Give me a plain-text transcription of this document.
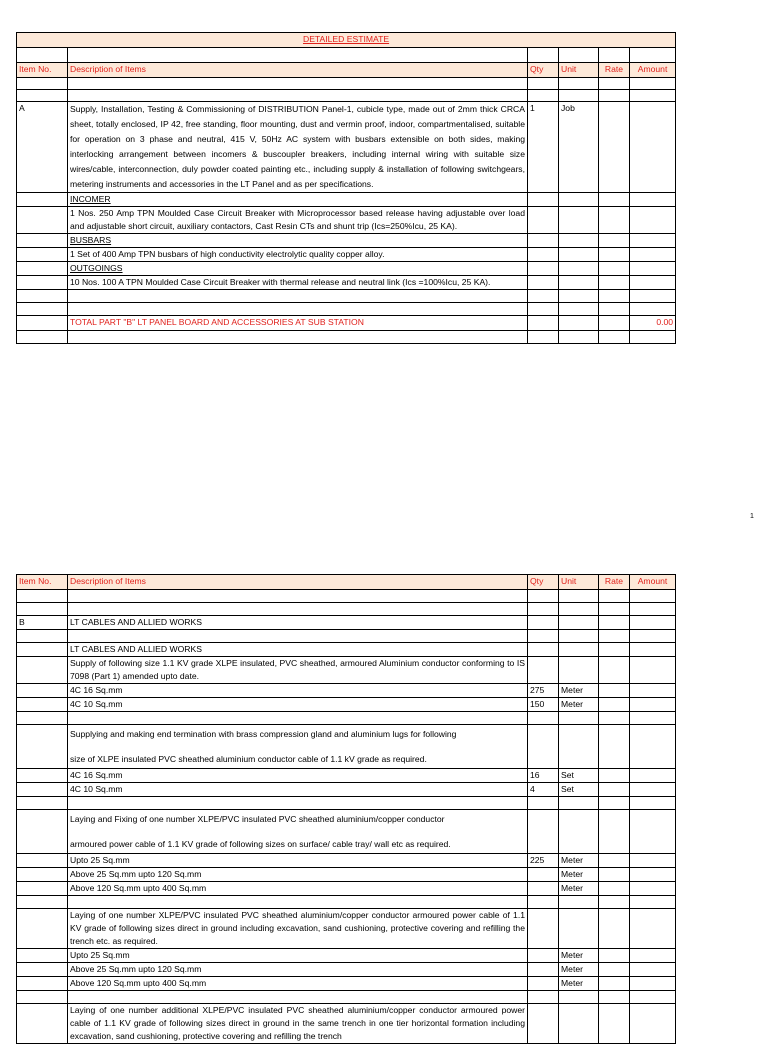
DETAILED ESTIMATE					

Item No.	Description of Items	Qty	Unit	Rate	Amount

A	Supply, Installation, Testing & Commissioning of DISTRIBUTION Panel-1, cubicle type, made out of 2mm thick CRCA sheet, totally enclosed, IP 42, free standing, floor mounting, dust and vermin proof, indoor, compartmentalised, suitable for operation on 3 phase and neutral, 415 V, 50Hz AC system with busbars extensible on both sides, making interlocking arrangement between incomers & buscoupler breakers, including internal wiring with suitable size wires/cable, interconnection, duly powder coated painting etc., including supply & installation of following switchgears, metering instruments and accessories in the LT Panel and as per specifications.	1	Job		
	INCOMER				
	1 Nos. 250 Amp TPN Moulded Case Circuit Breaker with Microprocessor based release having adjustable over load and adjustable short circuit, auxiliary contactors, Cast Resin CTs and shunt trip (Ics=250%Icu, 25 KA).				
	BUSBARS				
	1 Set of 400 Amp TPN busbars of high conductivity electrolytic quality copper alloy.				
	OUTGOINGS				
	10 Nos. 100 A TPN Moulded Case Circuit Breaker with thermal release and neutral link (Ics =100%Icu, 25 KA).				

	TOTAL PART "B" LT PANEL BOARD AND ACCESSORIES AT SUB STATION				0.00

1
Item No.	Description of Items	Qty	Unit	Rate	Amount

B	LT CABLES AND ALLIED WORKS				

	LT CABLES AND ALLIED WORKS				
	Supply of following size 1.1 KV grade XLPE insulated, PVC sheathed, armoured Aluminium conductor conforming to IS 7098 (Part 1) amended upto date.				
	4C 16 Sq.mm	275	Meter		
	4C 10 Sq.mm	150	Meter		

	Supplying and making end termination with brass compression gland and aluminium lugs for following
size of XLPE insulated PVC sheathed aluminium conductor cable of 1.1 kV grade as required.				

	4C 16 Sq.mm	16	Set		
	4C 10 Sq.mm	4	Set		

	Laying and Fixing of one number XLPE/PVC insulated PVC sheathed aluminium/copper conductor
armoured power cable of 1.1 KV grade of following sizes on surface/ cable tray/ wall etc as required.				

	Upto 25 Sq.mm	225	Meter		
	Above 25 Sq.mm upto 120 Sq.mm		Meter		
	Above 120 Sq.mm upto 400 Sq.mm		Meter		

	Laying of one number XLPE/PVC insulated PVC sheathed aluminium/copper conductor armoured power cable of 1.1 KV grade of following sizes direct in ground including excavation, sand cushioning, protective covering and refilling the trench etc. as required.				
	Upto 25 Sq.mm		Meter		
	Above 25 Sq.mm upto 120 Sq.mm		Meter		
	Above 120 Sq.mm upto 400 Sq.mm		Meter		

	Laying of one number additional XLPE/PVC insulated PVC sheathed aluminium/copper conductor armoured power cable of 1.1 KV grade of following sizes direct in ground in the same trench in one tier horizontal formation including excavation, sand cushioning, protective covering and refilling the trench				
